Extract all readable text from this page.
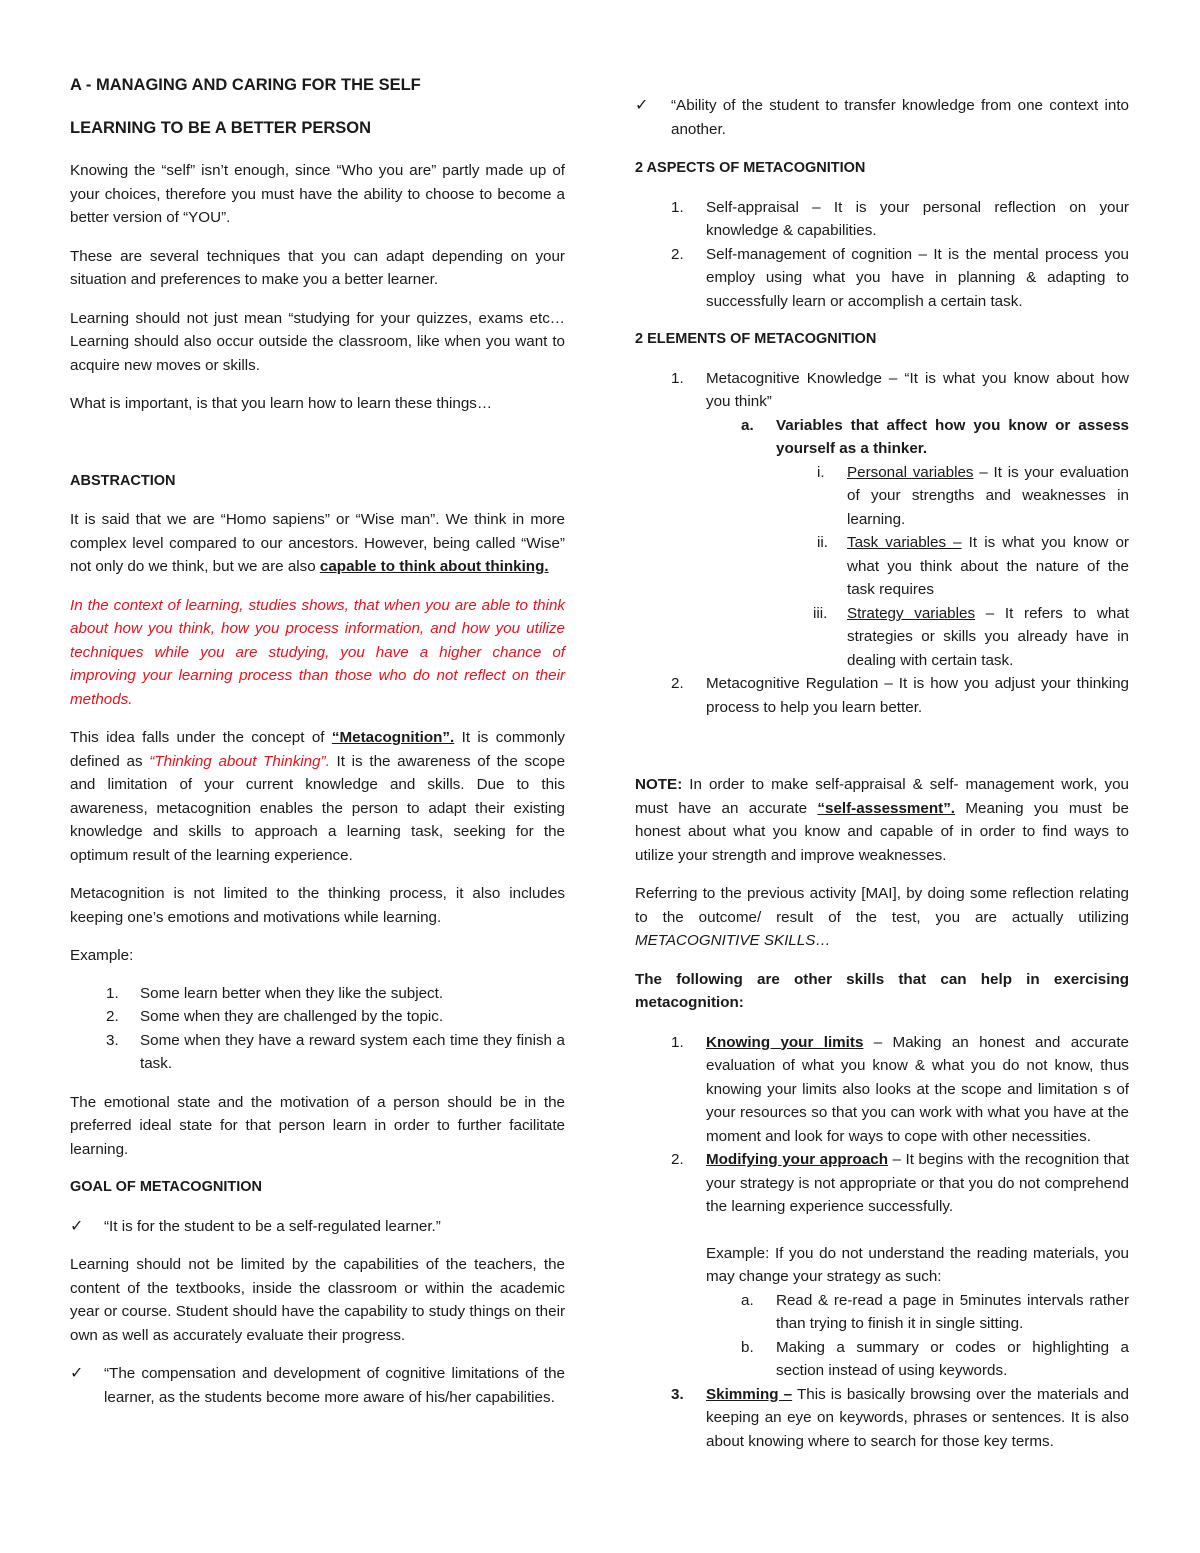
A - MANAGING AND CARING FOR THE SELF
LEARNING TO BE A BETTER PERSON

Knowing the “self” isn’t enough, since “Who you are” partly made up of your choices, therefore you must have the ability to choose to become a better version of “YOU”.

These are several techniques that you can adapt depending on your situation and preferences to make you a better learner.

Learning should not just mean “studying for your quizzes, exams etc… Learning should also occur outside the classroom, like when you want to acquire new moves or skills.

What is important, is that you learn how to learn these things…

ABSTRACTION

It is said that we are “Homo sapiens” or “Wise man”. We think in more complex level compared to our ancestors. However, being called “Wise” not only do we think, but we are also capable to think about thinking.

In the context of learning, studies shows, that when you are able to think about how you think, how you process information, and how you utilize techniques while you are studying, you have a higher chance of improving your learning process than those who do not reflect on their methods.

This idea falls under the concept of “Metacognition”. It is commonly defined as “Thinking about Thinking”. It is the awareness of the scope and limitation of your current knowledge and skills. Due to this awareness, metacognition enables the person to adapt their existing knowledge and skills to approach a learning task, seeking for the optimum result of the learning experience.

Metacognition is not limited to the thinking process, it also includes keeping one’s emotions and motivations while learning.

Example:

1. Some learn better when they like the subject.
2. Some when they are challenged by the topic.
3. Some when they have a reward system each time they finish a task.

The emotional state and the motivation of a person should be in the preferred ideal state for that person learn in order to further facilitate learning.

GOAL OF METACOGNITION
✓ “It is for the student to be a self-regulated learner.”

Learning should not be limited by the capabilities of the teachers, the content of the textbooks, inside the classroom or within the academic year or course. Student should have the capability to study things on their own as well as accurately evaluate their progress.

✓ “The compensation and development of cognitive limitations of the learner, as the students become more aware of his/her capabilities.
✓ “Ability of the student to transfer knowledge from one context into another.
2 ASPECTS OF METACOGNITION
1. Self-appraisal – It is your personal reflection on your knowledge & capabilities.
2. Self-management of cognition – It is the mental process you employ using what you have in planning & adapting to successfully learn or accomplish a certain task.
2 ELEMENTS OF METACOGNITION
1. Metacognitive Knowledge – “It is what you know about how you think”
a. Variables that affect how you know or assess yourself as a thinker.
i. Personal variables – It is your evaluation of your strengths and weaknesses in learning.
ii. Task variables – It is what you know or what you think about the nature of the task requires
iii. Strategy variables – It refers to what strategies or skills you already have in dealing with certain task.
2. Metacognitive Regulation – It is how you adjust your thinking process to help you learn better.

NOTE: In order to make self-appraisal & self- management work, you must have an accurate “self-assessment”. Meaning you must be honest about what you know and capable of in order to find ways to utilize your strength and improve weaknesses.

Referring to the previous activity [MAI], by doing some reflection relating to the outcome/ result of the test, you are actually utilizing METACOGNITIVE SKILLS…

The following are other skills that can help in exercising metacognition:

1. Knowing your limits – Making an honest and accurate evaluation of what you know & what you do not know, thus knowing your limits also looks at the scope and limitation s of your resources so that you can work with what you have at the moment and look for ways to cope with other necessities.
2. Modifying your approach – It begins with the recognition that your strategy is not appropriate or that you do not comprehend the learning experience successfully.
Example: If you do not understand the reading materials, you may change your strategy as such:
a. Read & re-read a page in 5minutes intervals rather than trying to finish it in single sitting.
b. Making a summary or codes or highlighting a section instead of using keywords.
3. Skimming – This is basically browsing over the materials and keeping an eye on keywords, phrases or sentences. It is also about knowing where to search for those key terms.
